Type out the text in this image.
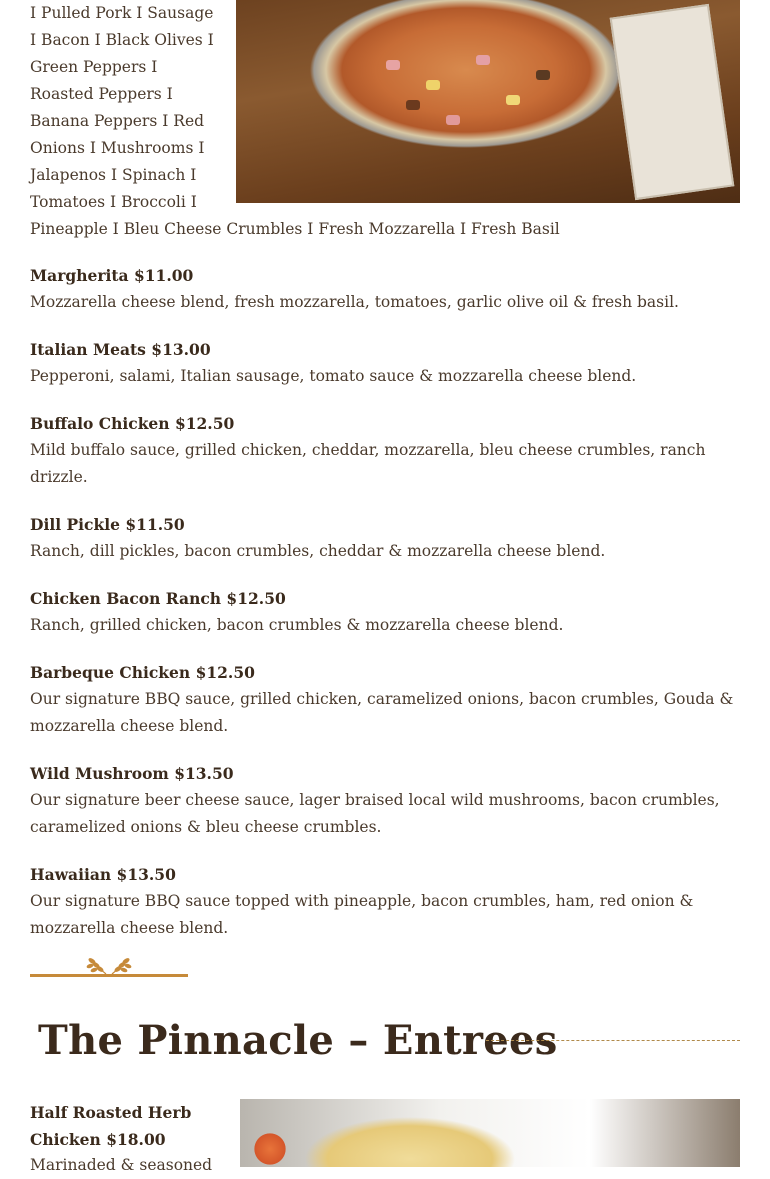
I Pulled Pork I Sausage I Bacon I Black Olives I Green Peppers I Roasted Peppers I Banana Peppers I Red Onions I Mushrooms I Jalapenos I Spinach I Tomatoes I Broccoli I Pineapple I Bleu Cheese Crumbles I Fresh Mozzarella I Fresh Basil

Margherita $11.00
Mozzarella cheese blend, fresh mozzarella, tomatoes, garlic olive oil & fresh basil.
Italian Meats $13.00
Pepperoni, salami, Italian sausage, tomato sauce & mozzarella cheese blend.
Buffalo Chicken $12.50
Mild buffalo sauce, grilled chicken, cheddar, mozzarella, bleu cheese crumbles, ranch drizzle.
Dill Pickle $11.50
Ranch, dill pickles, bacon crumbles, cheddar & mozzarella cheese blend.
Chicken Bacon Ranch $12.50
Ranch, grilled chicken, bacon crumbles & mozzarella cheese blend.
Barbeque Chicken $12.50
Our signature BBQ sauce, grilled chicken, caramelized onions, bacon crumbles, Gouda & mozzarella cheese blend.
Wild Mushroom $13.50
Our signature beer cheese sauce, lager braised local wild mushrooms, bacon crumbles, caramelized onions & bleu cheese crumbles.
Hawaiian $13.50
Our signature BBQ sauce topped with pineapple, bacon crumbles, ham, red onion & mozzarella cheese blend.
The Pinnacle – Entrees
Half Roasted Herb Chicken $18.00
Marinaded & seasoned
